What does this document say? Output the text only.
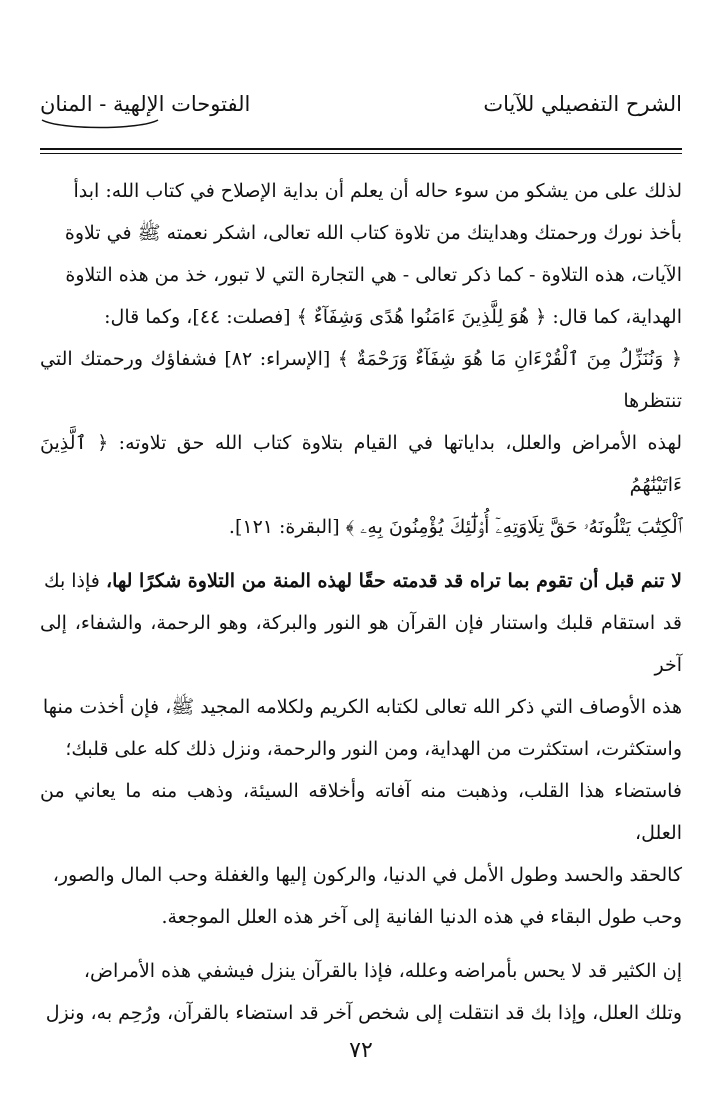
الشرح التفصيلي للآيات
الفتوحات الإلهية - المنان
لذلك على من يشكو من سوء حاله أن يعلم أن بداية الإصلاح في كتاب الله: ابدأ
بأخذ نورك ورحمتك وهدايتك من تلاوة كتاب الله تعالى، اشكر نعمته ﷺ في تلاوة
الآيات، هذه التلاوة - كما ذكر تعالى - هي التجارة التي لا تبور، خذ من هذه التلاوة
الهداية، كما قال: ﴿ هُوَ لِلَّذِينَ ءَامَنُوا هُدًى وَشِفَآءٌ ﴾ [فصلت: ٤٤]، وكما قال:
﴿ وَنُنَزِّلُ مِنَ ٱلْقُرْءَانِ مَا هُوَ شِفَآءٌ وَرَحْمَةٌ ﴾ [الإسراء: ٨٢] فشفاؤك ورحمتك التي تنتظرها
لهذه الأمراض والعلل، بداياتها في القيام بتلاوة كتاب الله حق تلاوته: ﴿ ٱلَّذِينَ ءَاتَيْنَٰهُمُ
ٱلْكِتَٰبَ يَتْلُونَهُۥ حَقَّ تِلَاوَتِهِۦٓ أُو۟لَٰٓئِكَ يُؤْمِنُونَ بِهِۦ ﴾ [البقرة: ١٢١].
لا تنم قبل أن تقوم بما تراه قد قدمته حقًا لهذه المنة من التلاوة شكرًا لها، فإذا بك
قد استقام قلبك واستنار فإن القرآن هو النور والبركة، وهو الرحمة، والشفاء، إلى آخر
هذه الأوصاف التي ذكر الله تعالى لكتابه الكريم ولكلامه المجيد ﷺ، فإن أخذت منها
واستكثرت، استكثرت من الهداية، ومن النور والرحمة، ونزل ذلك كله على قلبك؛
فاستضاء هذا القلب، وذهبت منه آفاته وأخلاقه السيئة، وذهب منه ما يعاني من العلل،
كالحقد والحسد وطول الأمل في الدنيا، والركون إليها والغفلة وحب المال والصور،
وحب طول البقاء في هذه الدنيا الفانية إلى آخر هذه العلل الموجعة.
إن الكثير قد لا يحس بأمراضه وعلله، فإذا بالقرآن ينزل فيشفي هذه الأمراض،
وتلك العلل، وإذا بك قد انتقلت إلى شخص آخر قد استضاء بالقرآن، ورُحِم به، ونزل
٧٢
